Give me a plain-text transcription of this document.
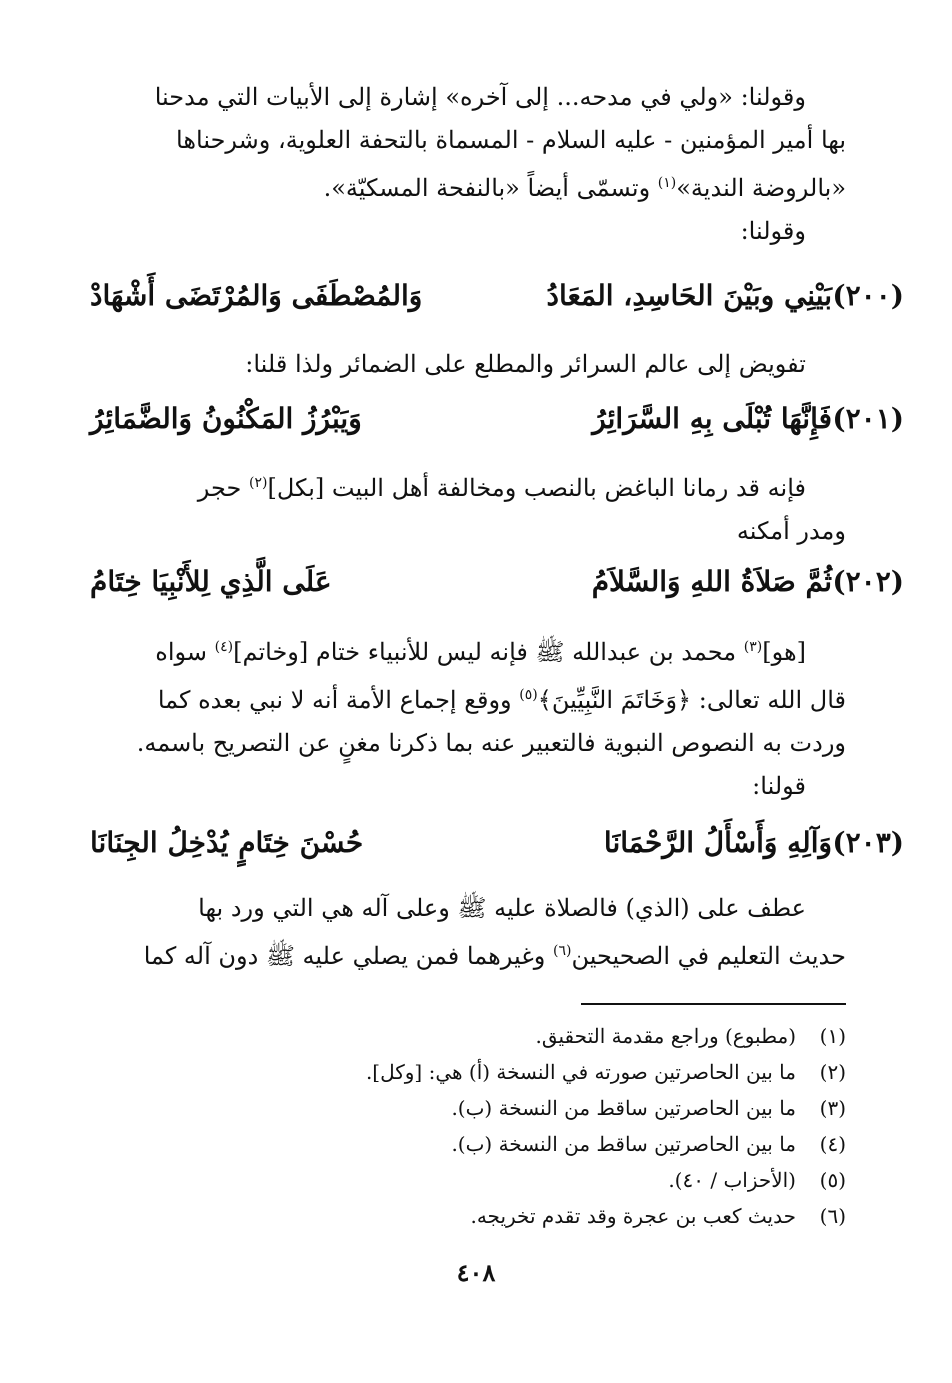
وقولنا: «ولي في مدحه... إلى آخره» إشارة إلى الأبيات التي مدحنا

بها أمير المؤمنين - عليه السلام - المسماة بالتحفة العلوية، وشرحناها

«بالروضة الندية»$^{(١)}$ وتسمّى أيضاً «بالنفحة المسكيّة».

وقولنا:

(٢٠٠)
بَيْنِي وبَيْنَ الحَاسِدِ، المَعَادُ
وَالمُصْطَفَى وَالمُرْتَضَى أَشْهَادْ

تفويض إلى عالم السرائر والمطلع على الضمائر ولذا قلنا:

(٢٠١)
فَإِنَّهَا تُبْلَى بِهِ السَّرَائِرُ
وَيَبْرُزُ المَكْنُونُ وَالضَّمَائِرُ

فإنه قد رمانا الباغض بالنصب ومخالفة أهل البيت [بكل]$^{(٢)}$ حجر

ومدر أمكنه

(٢٠٢)
ثُمَّ صَلاَةُ اللهِ وَالسَّلاَمُ
عَلَى الَّذِي لِلأَنْبِيَا خِتَامُ

[هو]$^{(٣)}$ محمد بن عبدالله ﷺ فإنه ليس للأنبياء ختام [وخاتم]$^{(٤)}$ سواه

قال الله تعالى: ﴿وَخَاتَمَ النَّبِيِّينَ﴾$^{(٥)}$ ووقع إجماع الأمة أنه لا نبي بعده كما

وردت به النصوص النبوية فالتعبير عنه بما ذكرنا مغنٍ عن التصريح باسمه.

قولنا:

(٢٠٣)
وَآلِهِ وَأَسْأَلُ الرَّحْمَانَا
حُسْنَ خِتَامٍ يُدْخِلُ الجِنَانَا

عطف على (الذي) فالصلاة عليه ﷺ وعلى آله هي التي ورد بها

حديث التعليم في الصحيحين$^{(٦)}$ وغيرهما فمن يصلي عليه ﷺ دون آله كما

(١)
(مطبوع) وراجع مقدمة التحقيق.
(٢)
ما بين الحاصرتين صورته في النسخة (أ) هي: [وكل].
(٣)
ما بين الحاصرتين ساقط من النسخة (ب).
(٤)
ما بين الحاصرتين ساقط من النسخة (ب).
(٥)
(الأحزاب / ٤٠).
(٦)
حديث كعب بن عجرة وقد تقدم تخريجه.
٤٠٨
